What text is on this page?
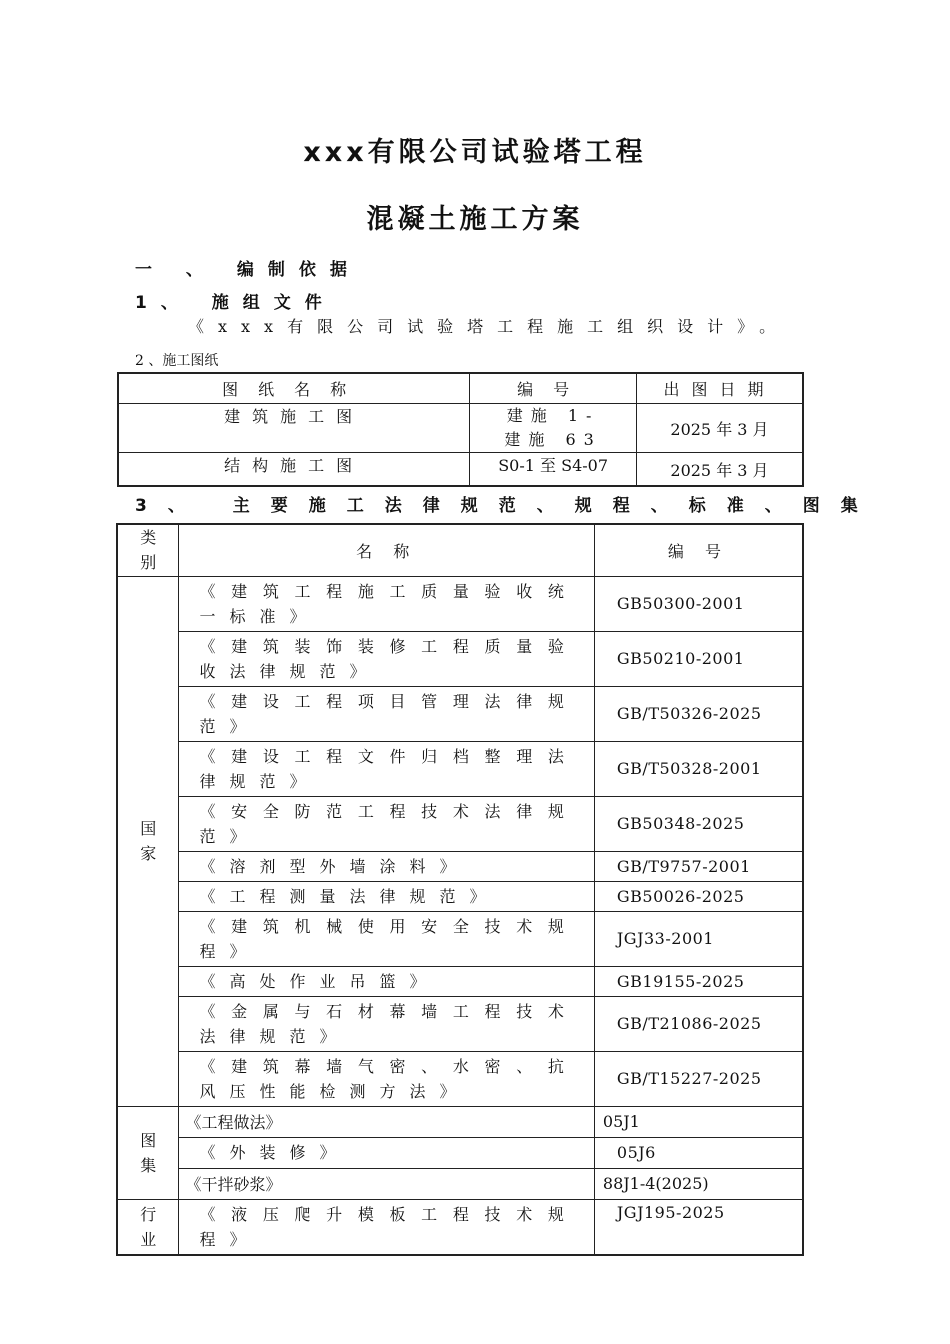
xxx有限公司试验塔工程
混凝土施工方案
一 、 编制依据
1、 施组文件
《xxx有限公司试验塔工程施工组织设计》。
2 、施工图纸
图纸名称	编号	出图日期
建筑施工图	建施 1- 建施 63	2025 年 3 月
结构施工图	S0-1 至 S4-07	2025 年 3 月
3、 主要施工法律规范、规程、标准、图集
类别	名 称	编 号
国家	《建筑工程施工质量验收统一标准》	GB50300-2001
	《建筑装饰装修工程质量验收法律规范》	GB50210-2001
	《建设工程项目管理法律规范》	GB/T50326-2025
	《建设工程文件归档整理法律规范》	GB/T50328-2001
	《安全防范工程技术法律规范》	GB50348-2025
	《溶剂型外墙涂料》	GB/T9757-2001
	《工程测量法律规范》	GB50026-2025
	《建筑机械使用安全技术规程》	JGJ33-2001
	《高处作业吊篮》	GB19155-2025
	《金属与石材幕墙工程技术法律规范》	GB/T21086-2025
	《建筑幕墙气密、水密、抗风压性能检测方法》	GB/T15227-2025
图集	《工程做法》	05J1
	《外装修》	05J6
	《干拌砂浆》	88J1-4(2025)
行业	《液压爬升模板工程技术规程》	JGJ195-2025
